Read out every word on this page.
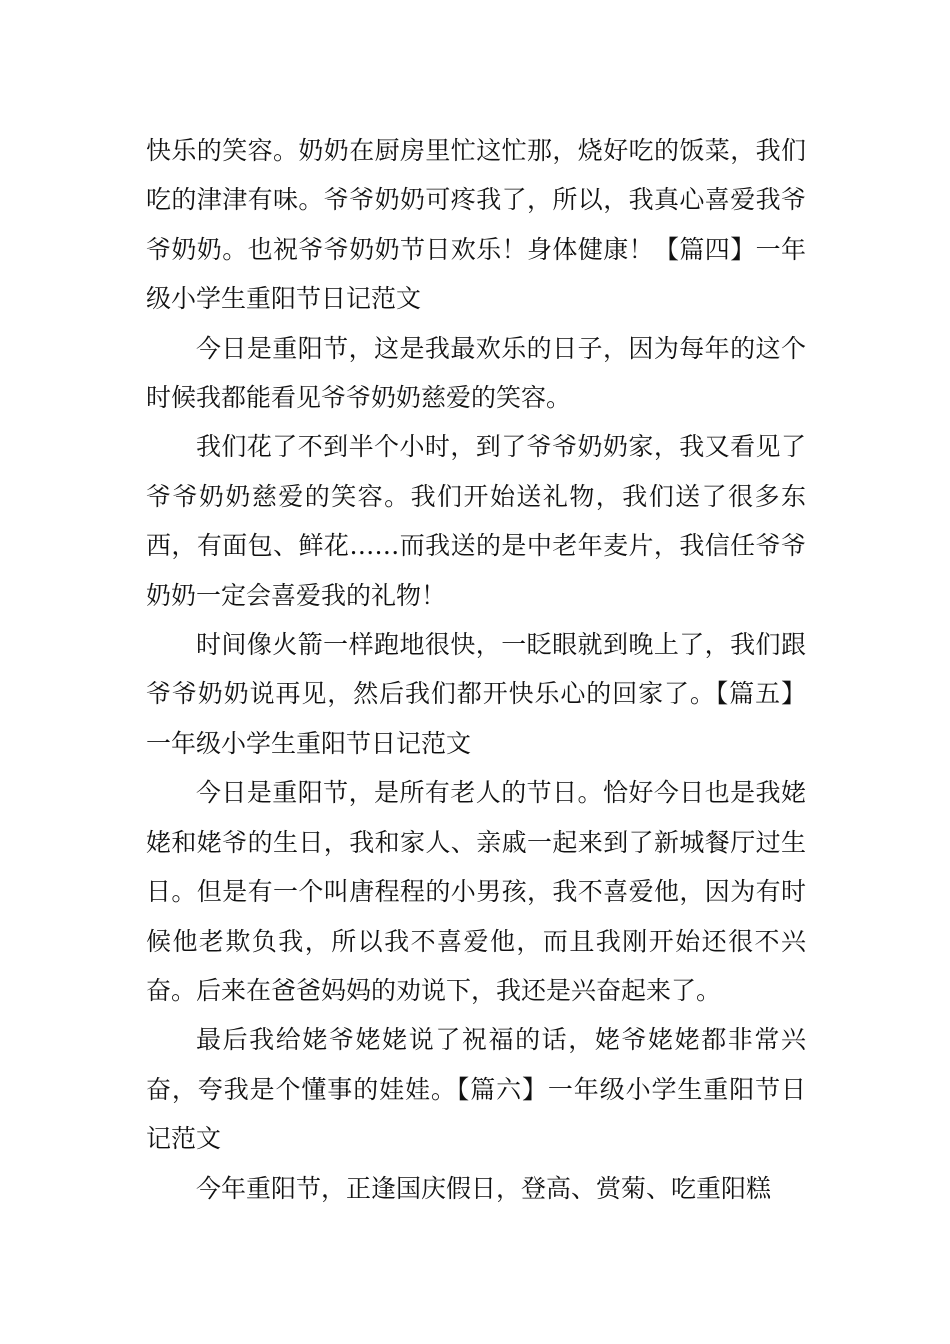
快乐的笑容。奶奶在厨房里忙这忙那，烧好吃的饭菜，我们吃的津津有味。爷爷奶奶可疼我了，所以，我真心喜爱我爷爷奶奶。也祝爷爷奶奶节日欢乐！身体健康！【篇四】一年级小学生重阳节日记范文

今日是重阳节，这是我最欢乐的日子，因为每年的这个时候我都能看见爷爷奶奶慈爱的笑容。

我们花了不到半个小时，到了爷爷奶奶家，我又看见了爷爷奶奶慈爱的笑容。我们开始送礼物，我们送了很多东西，有面包、鲜花……而我送的是中老年麦片，我信任爷爷奶奶一定会喜爱我的礼物！

时间像火箭一样跑地很快，一眨眼就到晚上了，我们跟爷爷奶奶说再见，然后我们都开快乐心的回家了。【篇五】一年级小学生重阳节日记范文

今日是重阳节，是所有老人的节日。恰好今日也是我姥姥和姥爷的生日，我和家人、亲戚一起来到了新城餐厅过生日。但是有一个叫唐程程的小男孩，我不喜爱他，因为有时候他老欺负我，所以我不喜爱他，而且我刚开始还很不兴奋。后来在爸爸妈妈的劝说下，我还是兴奋起来了。

最后我给姥爷姥姥说了祝福的话，姥爷姥姥都非常兴奋，夸我是个懂事的娃娃。【篇六】一年级小学生重阳节日记范文

今年重阳节，正逢国庆假日，登高、赏菊、吃重阳糕
